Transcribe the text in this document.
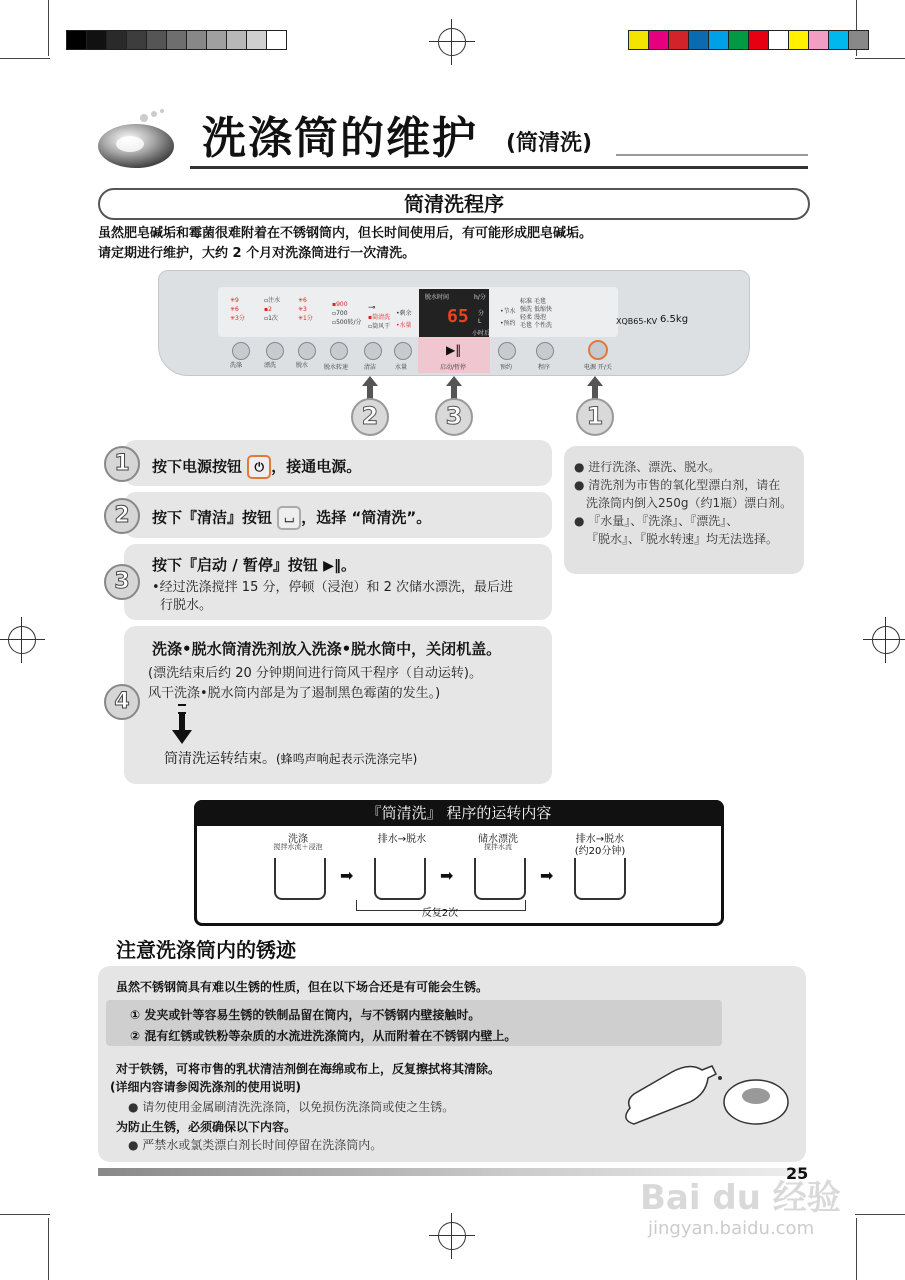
洗涤筒的维护 (筒清洗)
筒清洗程序
虽然肥皂碱垢和霉菌很难附着在不锈钢筒内，但长时间使用后，有可能形成肥皂碱垢。
请定期进行维护，大约 2 个月对洗涤筒进行一次清洗。
✳9
✳6
✳3分
▫注水
▪2
▫1次
✳6
✳3
✳1分
▪900
▫700
▫500转/分
⊸
▪筒清洗
▫筒风干
•剩余
•水量
脱水时间	h/分
分
L
小时后
65	•节水
•预约
标准 毛毯
强洗 低缩快
轻柔 漫泡
毛毯 个性洗	XQB65-KV 6.5kg
▶‖
洗涤	漂洗	脱水	脱水转速	清洁	水量	启动/暂停	预约	程序	电源 开/关
2	3	1
1	按下电源按钮 ⏻ ，接通电源。
2	按下『清洁』按钮 ⌴ ，选择 “筒清洗”。
3
按下『启动 / 暂停』按钮 ▶‖。
•经过洗涤搅拌 15 分，停顿（浸泡）和 2 次储水漂洗，最后进
行脱水。
4
洗涤•脱水筒清洗剂放入洗涤•脱水筒中，关闭机盖。
(漂洗结束后约 20 分钟期间进行筒风干程序（自动运转)。
风干洗涤•脱水筒内部是为了遏制黑色霉菌的发生。)
筒清洗运转结束。(蜂鸣声响起表示洗涤完毕)
● 进行洗涤、漂洗、脱水。
● 清洗剂为市售的氧化型漂白剂，请在
洗涤筒内倒入250g（约1瓶）漂白剂。
● 『水量』、『洗涤』、『漂洗』、
『脱水』、『脱水转速』均无法选择。
『筒清洗』 程序的运转内容
洗涤
搅拌水流＋浸泡
排水→脱水	储水漂洗
搅拌水流
排水→脱水
(约20分钟)
➡	➡	➡
反复2次
注意洗涤筒内的锈迹
虽然不锈钢筒具有难以生锈的性质，但在以下场合还是有可能会生锈。
① 发夹或针等容易生锈的铁制品留在筒内，与不锈钢内壁接触时。
② 混有红锈或铁粉等杂质的水流进洗涤筒内，从而附着在不锈钢内壁上。
对于铁锈，可将市售的乳状清洁剂倒在海绵或布上，反复擦拭将其清除。
(详细内容请参阅洗涤剂的使用说明)
● 请勿使用金属刷清洗洗涤筒，以免损伤洗涤筒或使之生锈。
为防止生锈，必须确保以下内容。
● 严禁水或氯类漂白剂长时间停留在洗涤筒内。
25
Bai du 经验
jingyan.baidu.com
